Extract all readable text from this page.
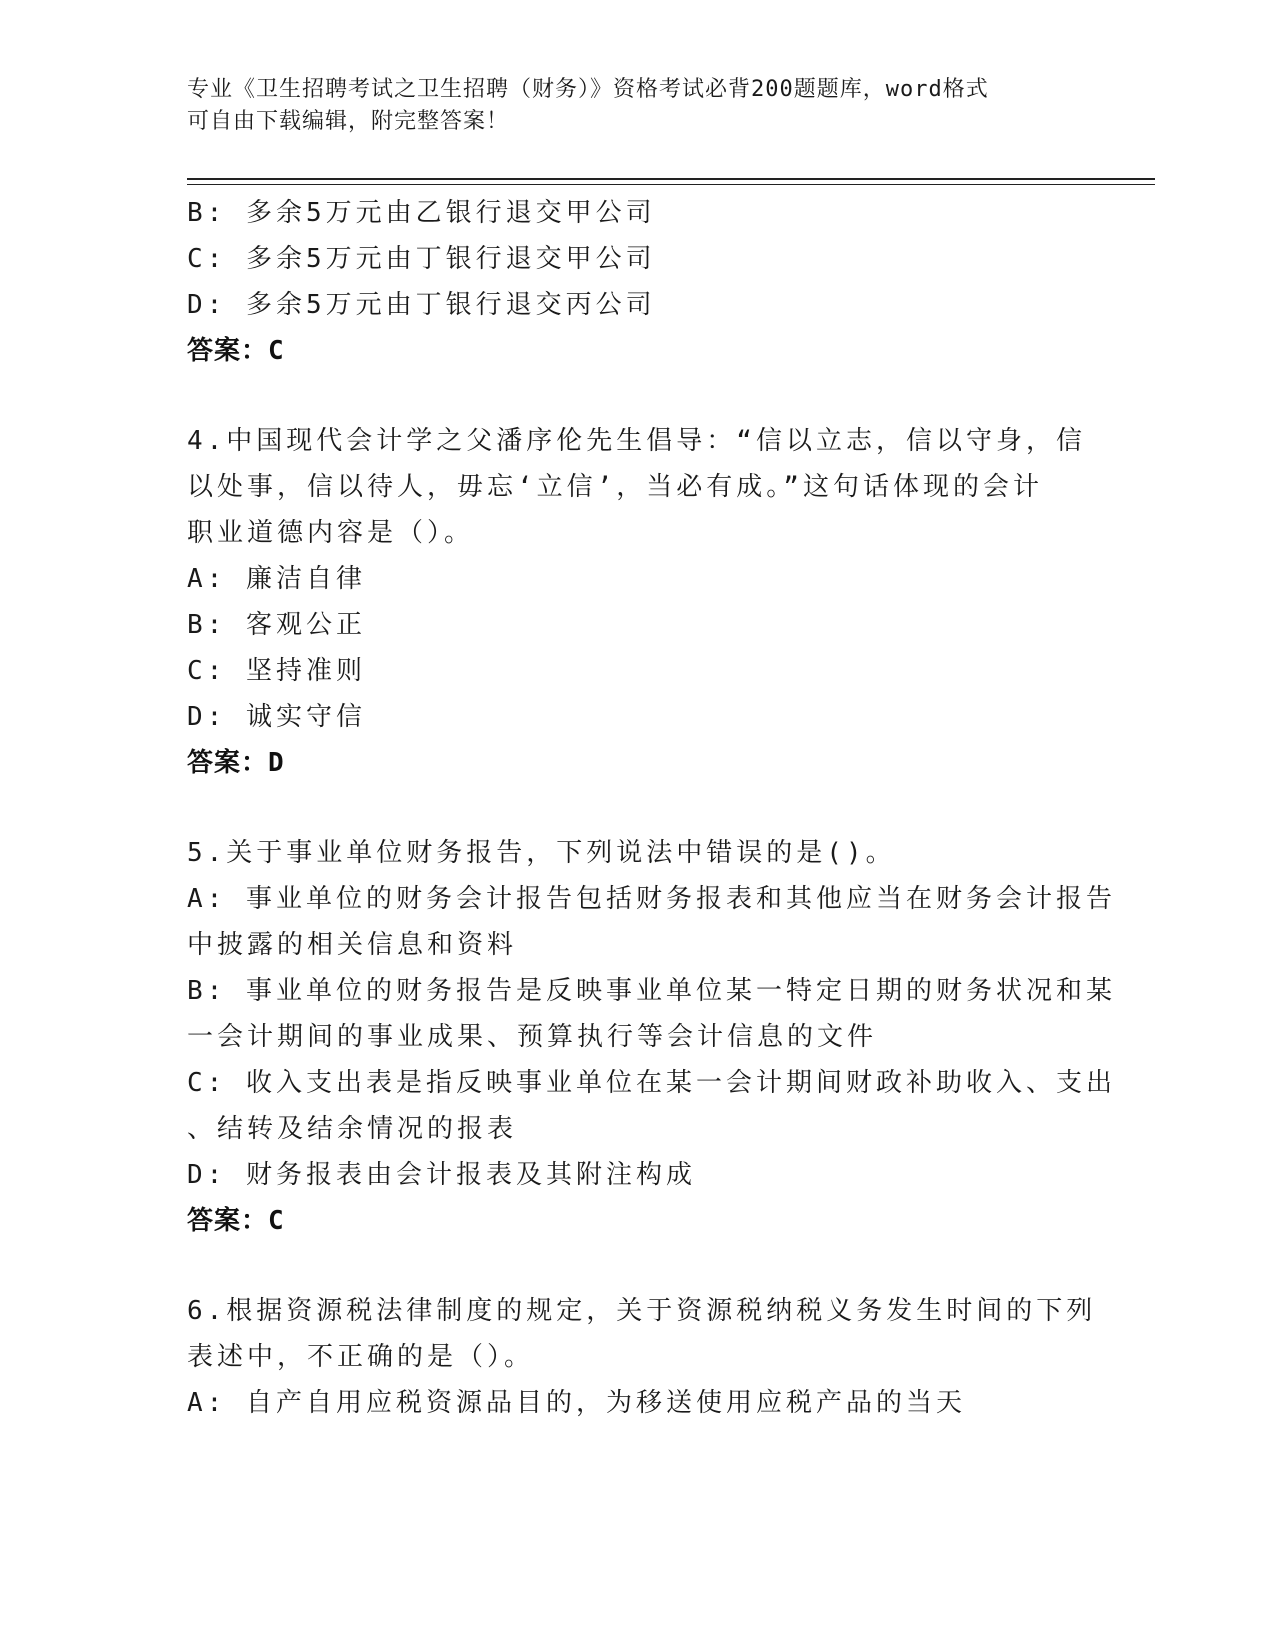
专业《卫生招聘考试之卫生招聘（财务）》资格考试必背200题题库，word格式
可自由下载编辑，附完整答案！
B: 多余5万元由乙银行退交甲公司
C: 多余5万元由丁银行退交甲公司
D: 多余5万元由丁银行退交丙公司
答案：C
4.中国现代会计学之父潘序伦先生倡导：“信以立志，信以守身，信
以处事，信以待人，毋忘‘立信’，当必有成。”这句话体现的会计
职业道德内容是（）。
A: 廉洁自律
B: 客观公正
C: 坚持准则
D: 诚实守信
答案：D
5.关于事业单位财务报告，下列说法中错误的是()。
A: 事业单位的财务会计报告包括财务报表和其他应当在财务会计报告
中披露的相关信息和资料
B: 事业单位的财务报告是反映事业单位某一特定日期的财务状况和某
一会计期间的事业成果、预算执行等会计信息的文件
C: 收入支出表是指反映事业单位在某一会计期间财政补助收入、支出
、结转及结余情况的报表
D: 财务报表由会计报表及其附注构成
答案：C
6.根据资源税法律制度的规定，关于资源税纳税义务发生时间的下列
表述中，不正确的是（）。
A: 自产自用应税资源品目的，为移送使用应税产品的当天
